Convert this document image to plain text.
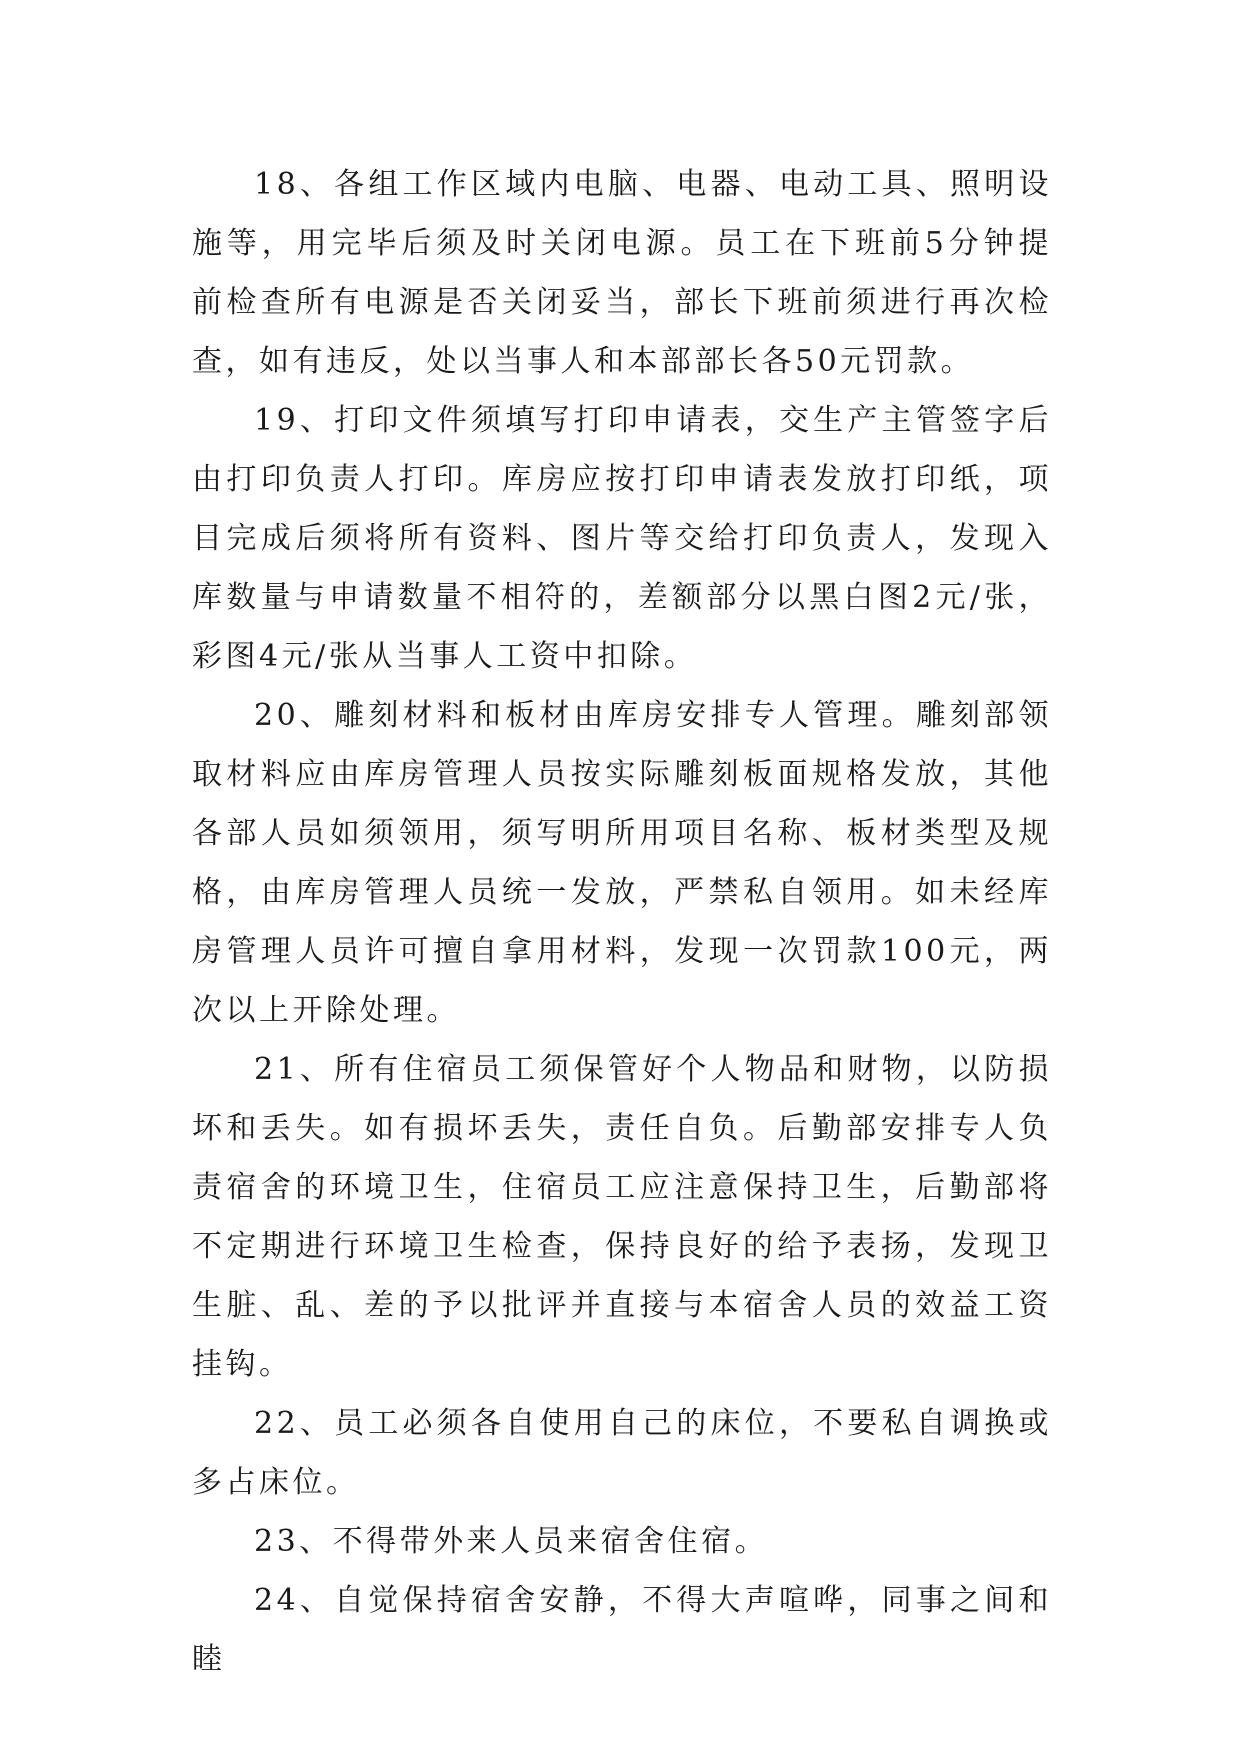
18、各组工作区域内电脑、电器、电动工具、照明设施等，用完毕后须及时关闭电源。员工在下班前5分钟提前检查所有电源是否关闭妥当，部长下班前须进行再次检查，如有违反，处以当事人和本部部长各50元罚款。

19、打印文件须填写打印申请表，交生产主管签字后由打印负责人打印。库房应按打印申请表发放打印纸，项目完成后须将所有资料、图片等交给打印负责人，发现入库数量与申请数量不相符的，差额部分以黑白图2元/张，彩图4元/张从当事人工资中扣除。

20、雕刻材料和板材由库房安排专人管理。雕刻部领取材料应由库房管理人员按实际雕刻板面规格发放，其他各部人员如须领用，须写明所用项目名称、板材类型及规格，由库房管理人员统一发放，严禁私自领用。如未经库房管理人员许可擅自拿用材料，发现一次罚款100元，两次以上开除处理。

21、所有住宿员工须保管好个人物品和财物，以防损坏和丢失。如有损坏丢失，责任自负。后勤部安排专人负责宿舍的环境卫生，住宿员工应注意保持卫生，后勤部将不定期进行环境卫生检查，保持良好的给予表扬，发现卫生脏、乱、差的予以批评并直接与本宿舍人员的效益工资挂钩。

22、员工必须各自使用自己的床位，不要私自调换或多占床位。

23、不得带外来人员来宿舍住宿。

24、自觉保持宿舍安静，不得大声喧哗，同事之间和睦
